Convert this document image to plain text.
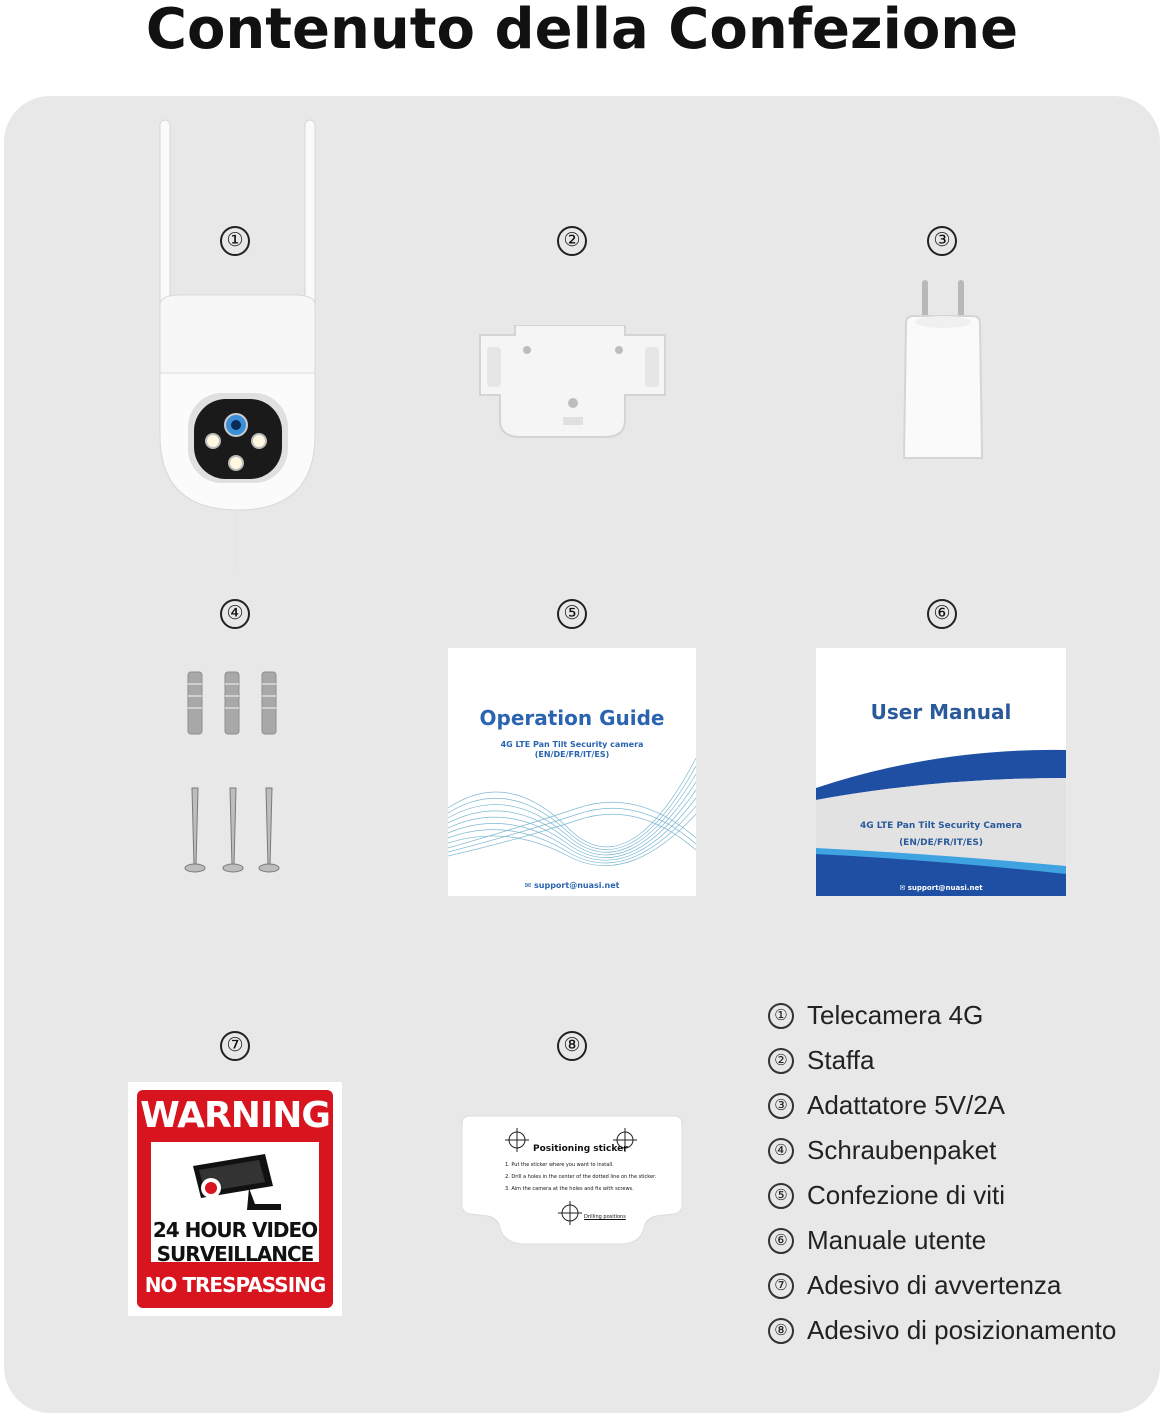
Contenuto della Confezione
①	②	③
④	⑤	⑥
⑦	⑧
Operation Guide
4G LTE Pan Tilt Security camera
(EN/DE/FR/IT/ES)
✉ support@nuasi.net
User Manual
4G LTE Pan Tilt Security Camera
(EN/DE/FR/IT/ES)
✉ support@nuasi.net
WARNING
24 HOUR VIDEO
SURVEILLANCE
NO TRESPASSING
Positioning sticker
1. Put the sticker where you want to install.
2. Drill a holes in the center of the dotted line on the sticker.
3. Aim the camera at the holes and fix with screws.
Drilling positions
① Telecamera 4G
② Staffa
③ Adattatore 5V/2A
④ Schraubenpaket
⑤ Confezione di viti
⑥ Manuale utente
⑦ Adesivo di avvertenza
⑧ Adesivo di posizionamento
